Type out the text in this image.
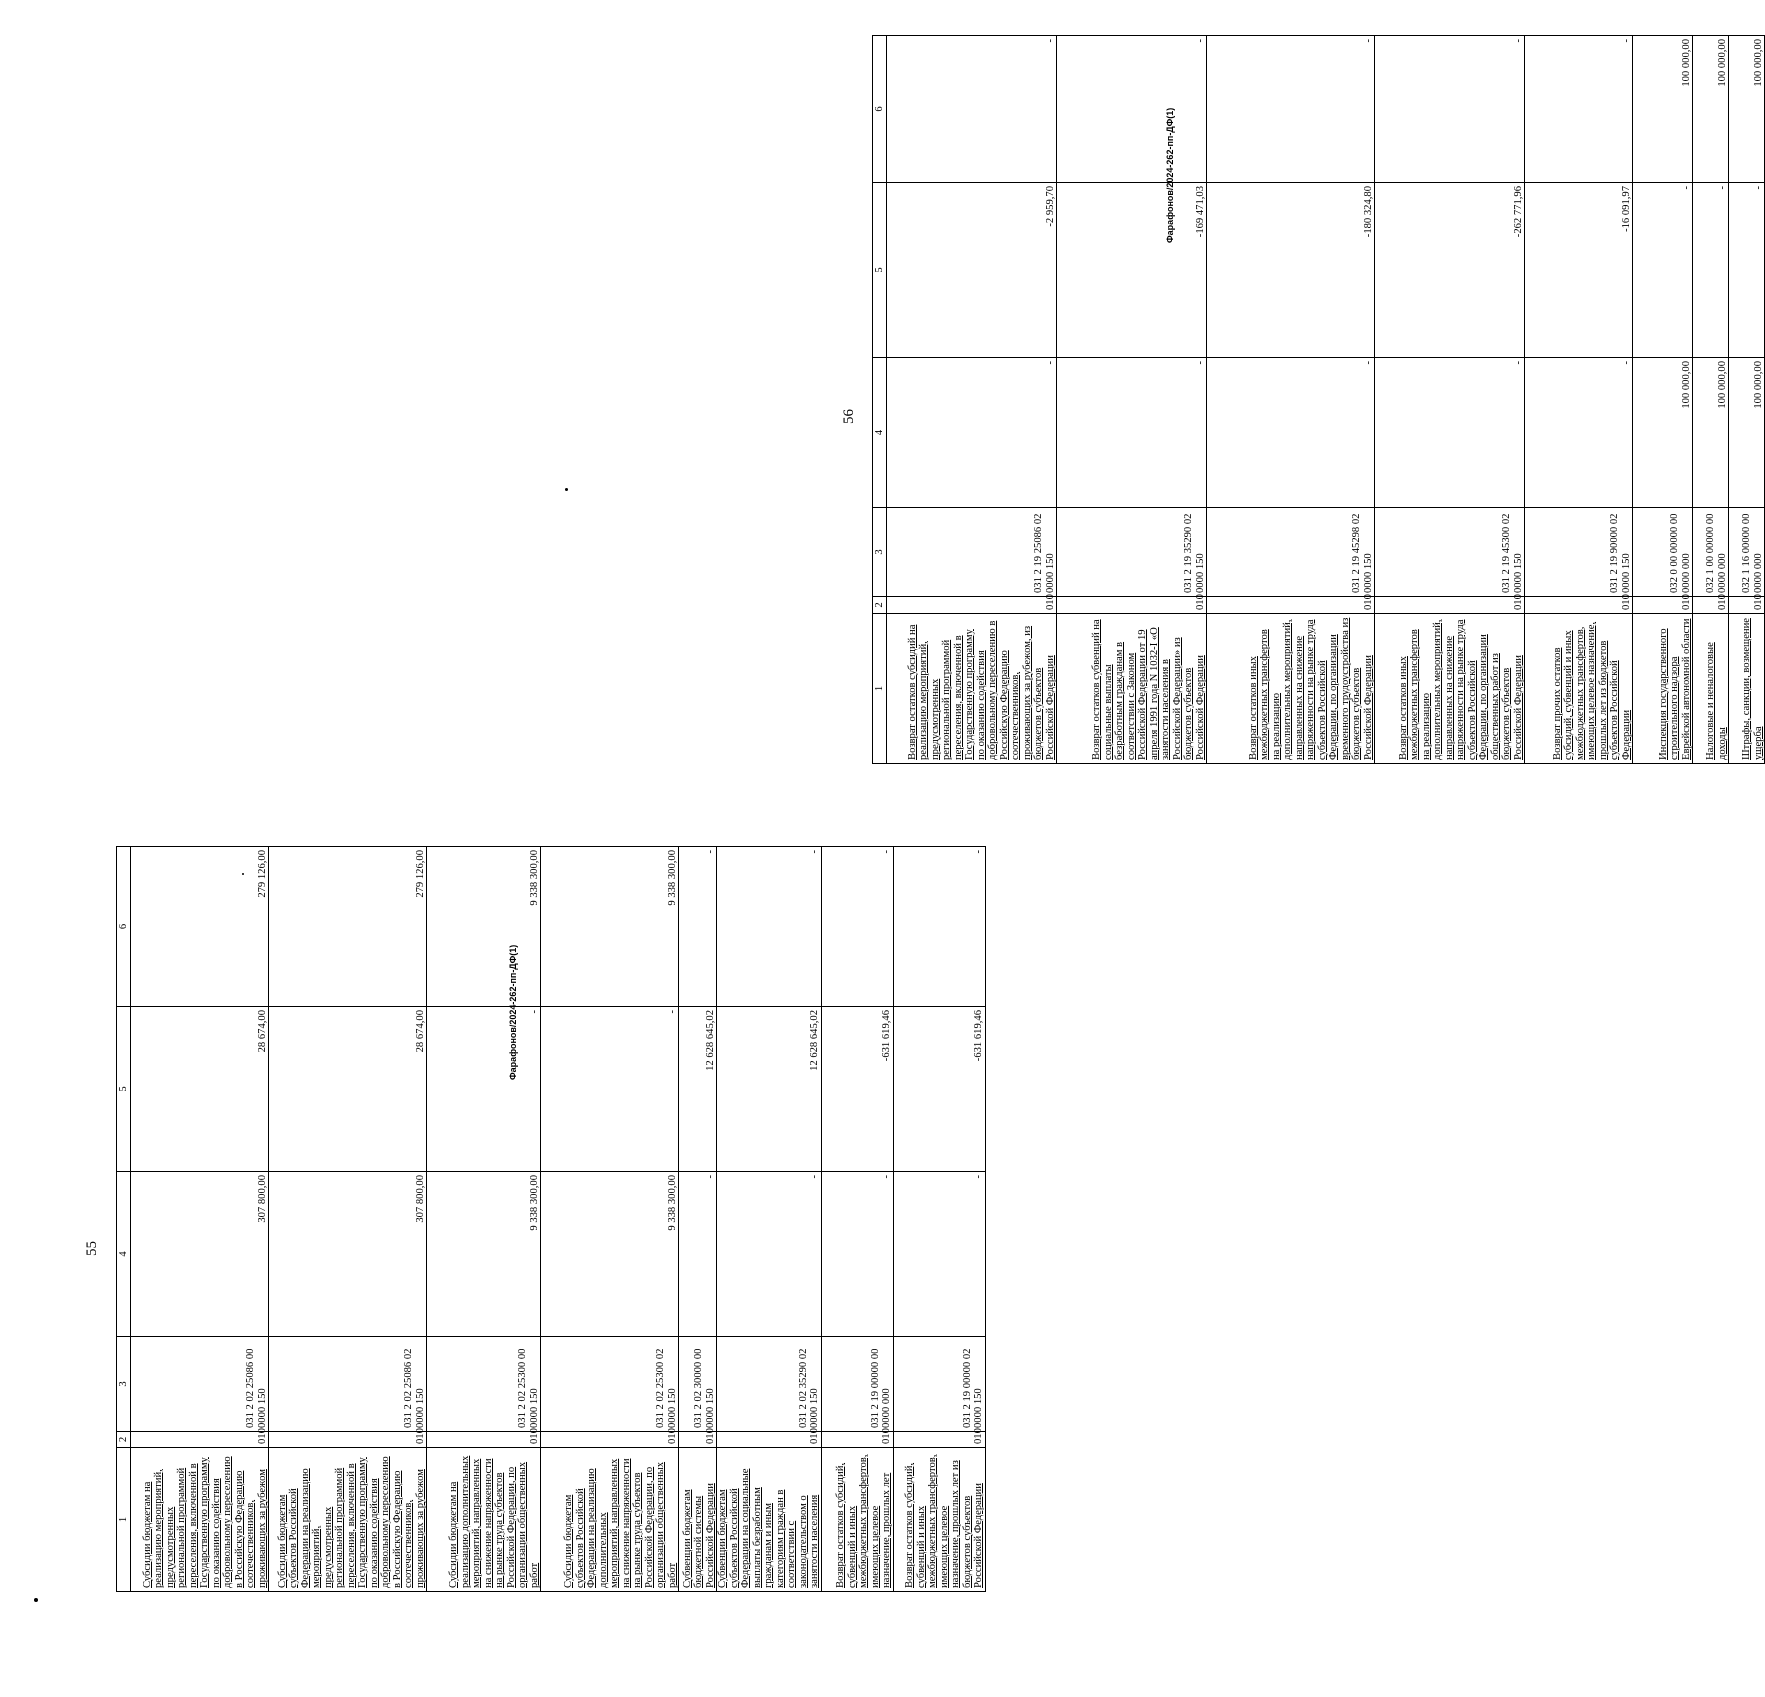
55
1	2	3	4	5	6
Субсидии бюджетам на реализацию мероприятий, предусмотренных региональной программой переселения, включенной в Государственную программу по оказанию содействия добровольному переселению в Российскую Федерацию соотечественников, проживающих за рубежом	010	031 2 02 25086 00 0000 150	307 800,00	28 674,00	279 126,00
Субсидии бюджетам субъектов Российской Федерации на реализацию мероприятий, предусмотренных региональной программой переселения, включенной в Государственную программу по оказанию содействия добровольному переселению в Российскую Федерацию соотечественников, проживающих за рубежом	010	031 2 02 25086 02 0000 150	307 800,00	28 674,00	279 126,00
Субсидии бюджетам на реализацию дополнительных мероприятий, направленных на снижение напряженности на рынке труда субъектов Российской Федерации, по организации общественных работ	010	031 2 02 25300 00 0000 150	9 338 300,00	-	9 338 300,00
Субсидии бюджетам субъектов Российской Федерации на реализацию дополнительных мероприятий, направленных на снижение напряженности на рынке труда субъектов Российской Федерации, по организации общественных работ	010	031 2 02 25300 02 0000 150	9 338 300,00	-	9 338 300,00
Субвенции бюджетам бюджетной системы Российской Федерации	010	031 2 02 30000 00 0000 150	-	12 628 645,02	-
Субвенции бюджетам субъектов Российской Федерации на социальные выплаты безработным гражданам и иным категориям граждан в соответствии с законодательством о занятости населения	010	031 2 02 35290 02 0000 150	-	12 628 645,02	-
Возврат остатков субсидий, субвенций и иных межбюджетных трансфертов, имеющих целевое назначение, прошлых лет	010	031 2 19 00000 00 0000 000	-	-631 619,46	-
Возврат остатков субсидий, субвенций и иных межбюджетных трансфертов, имеющих целевое назначение, прошлых лет из бюджетов субъектов Российской Федерации	010	031 2 19 00000 02 0000 150	-	-631 619,46	-
Фарафонов/2024-262-пп-ДФ(1)
56
1	2	3	4	5	6
Возврат остатков субсидий на реализацию мероприятий, предусмотренных региональной программой переселения, включенной в Государственную программу по оказанию содействия добровольному переселению в Российскую Федерацию соотечественников, проживающих за рубежом, из бюджетов субъектов Российской Федерации	010	031 2 19 25086 02 0000 150	-	-2 959,70	-
Возврат остатков субвенций на социальные выплаты безработным гражданам в соответствии с Законом Российской Федерации от 19 апреля 1991 года N 1032-I «О занятости населения в Российской Федерации» из бюджетов субъектов Российской Федерации	010	031 2 19 35290 02 0000 150	-	-169 471,03	-
Возврат остатков иных межбюджетных трансфертов на реализацию дополнительных мероприятий, направленных на снижение напряженности на рынке труда субъектов Российской Федерации, по организации временного трудоустройства из бюджетов субъектов Российской Федерации	010	031 2 19 45298 02 0000 150	-	-180 324,80	-
Возврат остатков иных межбюджетных трансфертов на реализацию дополнительных мероприятий, направленных на снижение напряженности на рынке труда субъектов Российской Федерации, по организации общественных работ из бюджетов субъектов Российской Федерации	010	031 2 19 45300 02 0000 150	-	-262 771,96	-
Возврат прочих остатков субсидий, субвенций и иных межбюджетных трансфертов, имеющих целевое назначение, прошлых лет из бюджетов субъектов Российской Федерации	010	031 2 19 90000 02 0000 150	-	-16 091,97	-
Инспекция государственного строительного надзора Еврейской автономной области	010	032 0 00 00000 00 0000 000	100 000,00	-	100 000,00
Налоговые и неналоговые доходы	010	032 1 00 00000 00 0000 000	100 000,00	-	100 000,00
Штрафы, санкции, возмещение ущерба	010	032 1 16 00000 00 0000 000	100 000,00	-	100 000,00
Фарафонов/2024-262-пп-ДФ(1)
